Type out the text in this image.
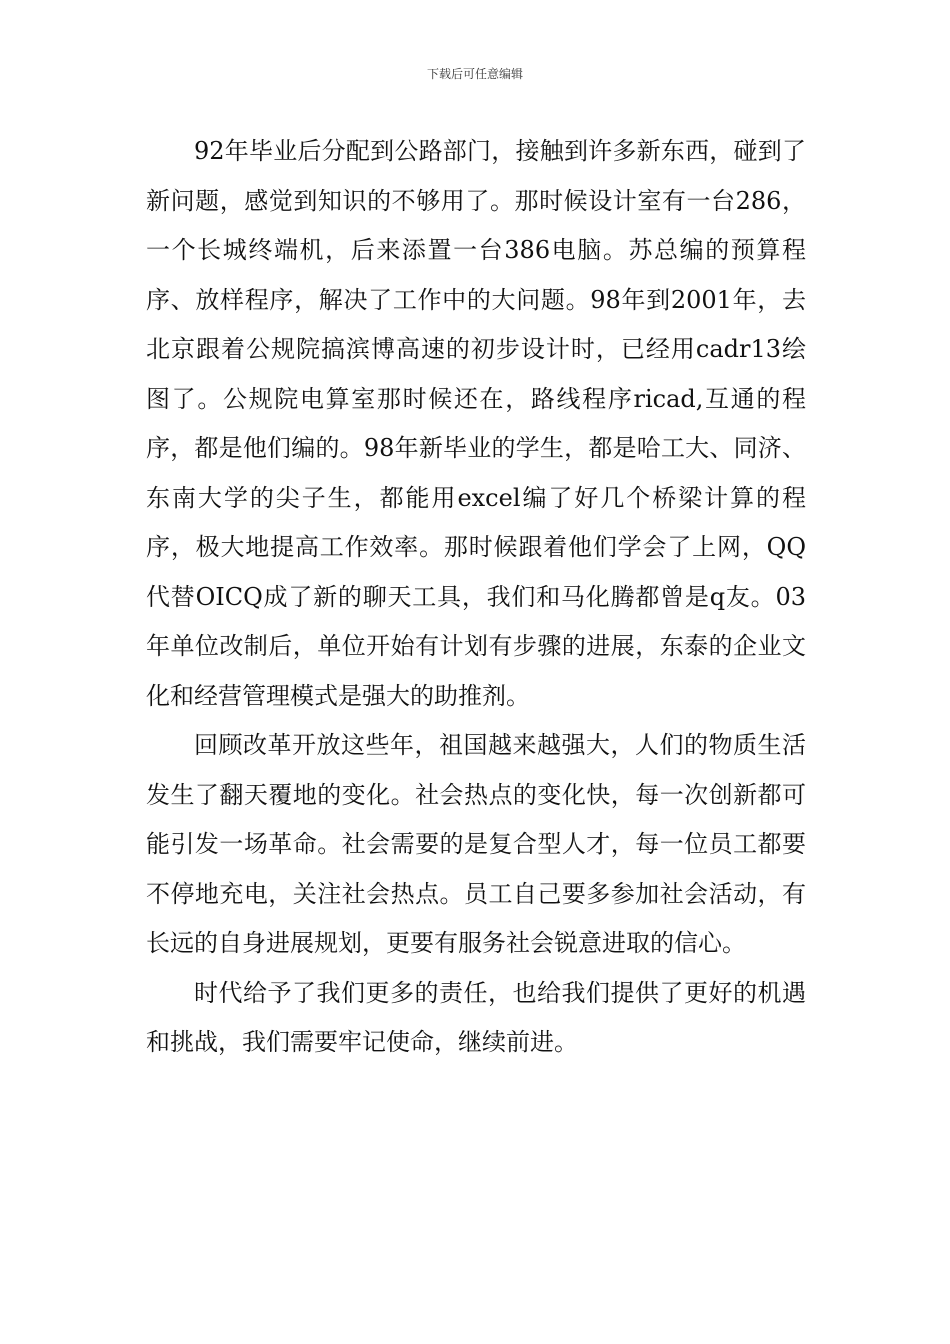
下载后可任意编辑

92年毕业后分配到公路部门，接触到许多新东西，碰到了新问题，感觉到知识的不够用了。那时候设计室有一台286，一个长城终端机，后来添置一台386电脑。苏总编的预算程序、放样程序，解决了工作中的大问题。98年到2001年，去北京跟着公规院搞滨博高速的初步设计时，已经用cadr13绘图了。公规院电算室那时候还在，路线程序ricad,互通的程序，都是他们编的。98年新毕业的学生，都是哈工大、同济、东南大学的尖子生，都能用excel编了好几个桥梁计算的程序，极大地提高工作效率。那时候跟着他们学会了上网，QQ代替OICQ成了新的聊天工具，我们和马化腾都曾是q友。03年单位改制后，单位开始有计划有步骤的进展，东泰的企业文化和经营管理模式是强大的助推剂。

回顾改革开放这些年，祖国越来越强大，人们的物质生活发生了翻天覆地的变化。社会热点的变化快，每一次创新都可能引发一场革命。社会需要的是复合型人才，每一位员工都要不停地充电，关注社会热点。员工自己要多参加社会活动，有长远的自身进展规划，更要有服务社会锐意进取的信心。

时代给予了我们更多的责任，也给我们提供了更好的机遇和挑战，我们需要牢记使命，继续前进。
